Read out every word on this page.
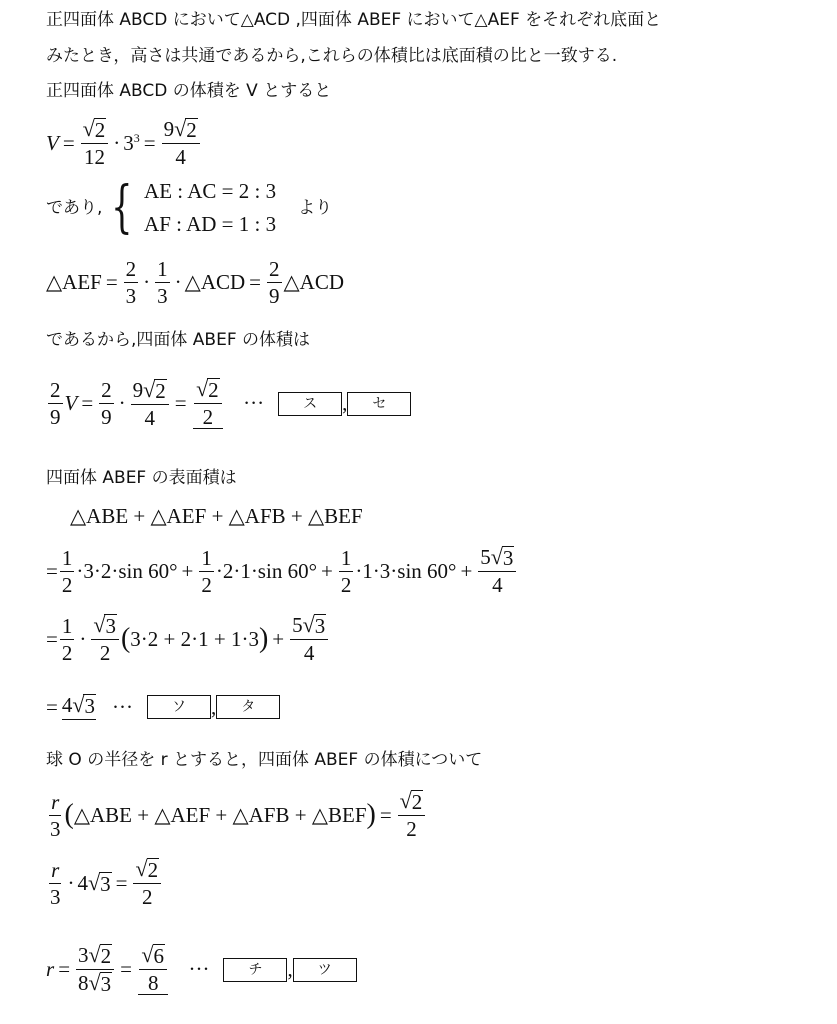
正四面体 ABCD において△ACD ,四面体 ABEF において△AEF をそれぞれ底面と
みたとき，高さは共通であるから,これらの体積比は底面積の比と一致する.
正四面体 ABCD の体積を V とすると
$V = \frac{√ 2}{12} \cdot 3^3 = \frac{9 √ 2}{4}$
であり, { AE : AC = 2 : 3
AF : AD = 1 : 3
より
△AEF = $\frac{2}{3} \cdot \frac{1}{3}$ · △ACD = $\frac{2}{9}$ △ACD
であるから,四面体 ABEF の体積は
$\frac{2}{9}$ $V = \frac{2}{9} \cdot \frac{9 √ 2}{4} = \frac{√ 2}{2}$ ···	ス	,	セ
四面体 ABEF の表面積は
△ABE + △AEF + △AFB + △BEF
= $\frac{1}{2} \cdot 3\cdot 2\cdot\sin$ $60^\circ + \frac{1}{2} \cdot 2\cdot 1\cdot\sin$ $60^\circ + \frac{1}{2} \cdot 1\cdot 3\cdot\sin$ $60^\circ + \frac{5 √ 3}{4}$
= $\frac{1}{2} \cdot \frac{√ 3}{2}$ ( 3·2 + 2·1 + 1·3 ) + $\frac{5 √ 3}{4}$
= 4 √ 3 ···	ソ	,	タ
球 O の半径を r とすると，四面体 ABEF の体積について
$\frac{r}{3}$ ( △ABE + △AEF + △AFB + △BEF ) = $\frac{√ 2}{2}$
$\frac{r}{3} \cdot 4$ √ $3 = \frac{√ 2}{2}$
$r = \frac{3 √ 2}{8 √ 3} = \frac{√ 6}{8}$ ···	チ	,	ツ
